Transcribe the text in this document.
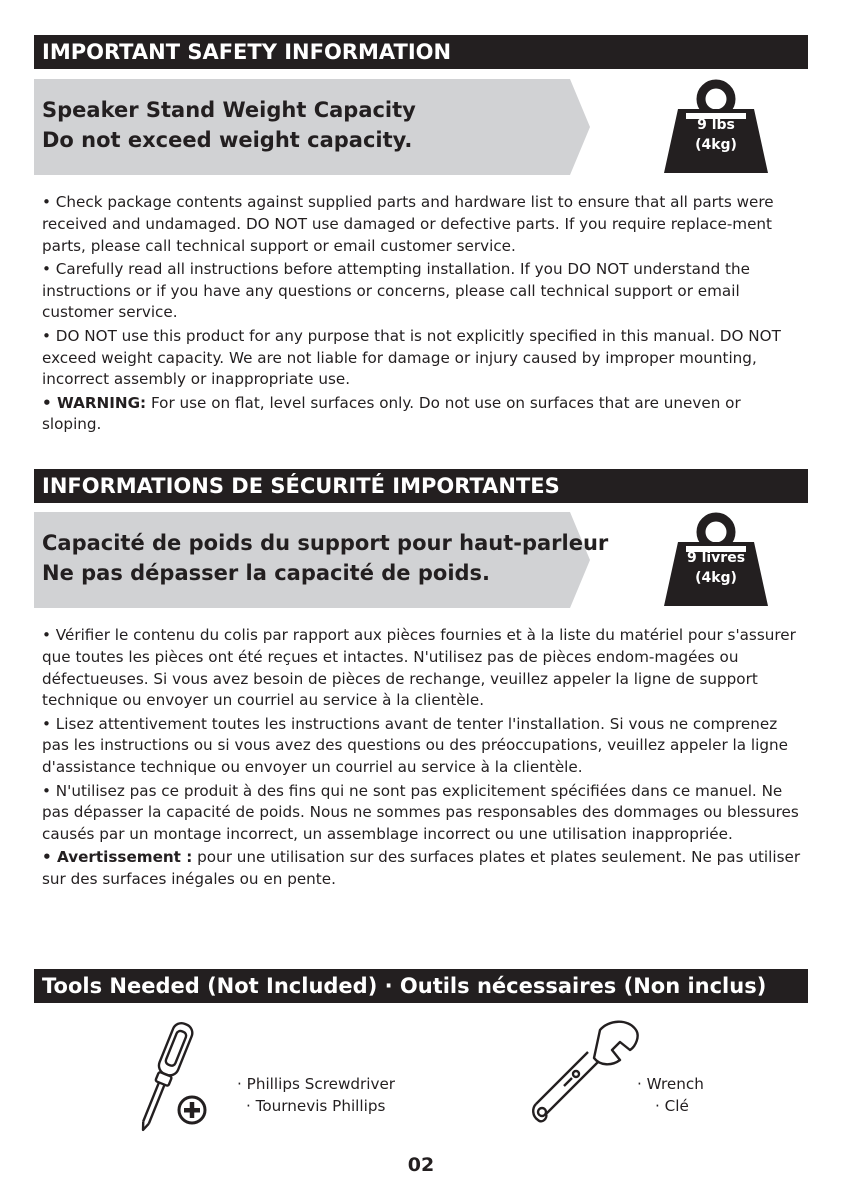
IMPORTANT SAFETY INFORMATION
Speaker Stand Weight Capacity
Do not exceed weight capacity.
9 lbs
(4kg)

• Check package contents against supplied parts and hardware list to ensure that all parts were received and undamaged. DO NOT use damaged or defective parts. If you require replace-ment parts, please call technical support or email customer service.

• Carefully read all instructions before attempting installation. If you DO NOT understand the instructions or if you have any questions or concerns, please call technical support or email customer service.

• DO NOT use this product for any purpose that is not explicitly specified in this manual. DO NOT exceed weight capacity. We are not liable for damage or injury caused by improper mounting, incorrect assembly or inappropriate use.

• WARNING: For use on flat, level surfaces only. Do not use on surfaces that are uneven or sloping.

INFORMATIONS DE SÉCURITÉ IMPORTANTES
Capacité de poids du support pour haut-parleur
Ne pas dépasser la capacité de poids.
9 livres
(4kg)

• Vérifier le contenu du colis par rapport aux pièces fournies et à la liste du matériel pour s'assurer que toutes les pièces ont été reçues et intactes. N'utilisez pas de pièces endom-magées ou défectueuses. Si vous avez besoin de pièces de rechange, veuillez appeler la ligne de support technique ou envoyer un courriel au service à la clientèle.

• Lisez attentivement toutes les instructions avant de tenter l'installation. Si vous ne comprenez pas les instructions ou si vous avez des questions ou des préoccupations, veuillez appeler la ligne d'assistance technique ou envoyer un courriel au service à la clientèle.

• N'utilisez pas ce produit à des fins qui ne sont pas explicitement spécifiées dans ce manuel. Ne pas dépasser la capacité de poids. Nous ne sommes pas responsables des dommages ou blessures causés par un montage incorrect, un assemblage incorrect ou une utilisation inappropriée.

• Avertissement : pour une utilisation sur des surfaces plates et plates seulement. Ne pas utiliser sur des surfaces inégales ou en pente.

Tools Needed (Not Included) · Outils nécessaires (Non inclus)
· Phillips Screwdriver
· Tournevis Phillips
· Wrench
· Clé
02
